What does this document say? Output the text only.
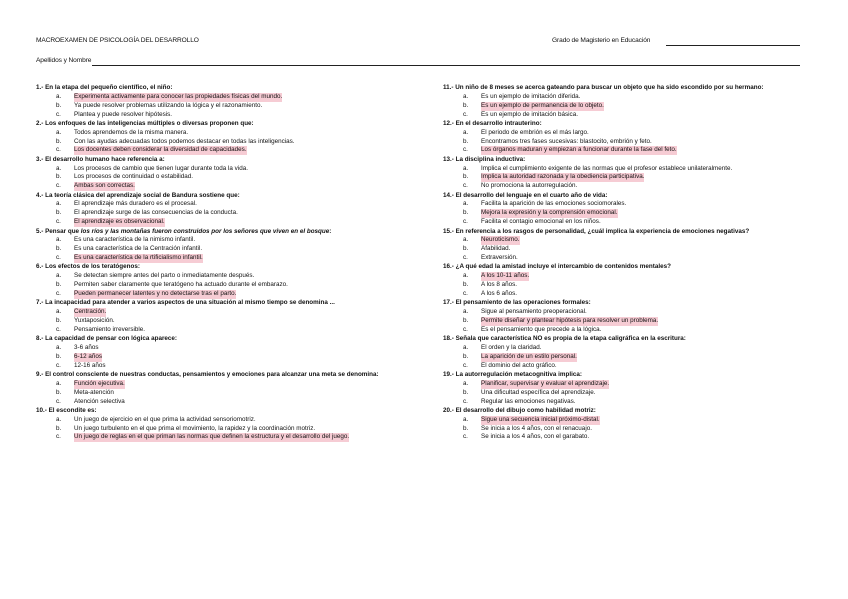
MACROEXAMEN DE PSICOLOGÍA DEL DESARROLLO	Grado de Magisterio en Educación
Apellidos y Nombre
1.- En la etapa del pequeño científico, el niño:
a.	Experimenta activamente para conocer las propiedades físicas del mundo.
b.	Ya puede resolver problemas utilizando la lógica y el razonamiento.
c.	Plantea y puede resolver hipótesis.
2.- Los enfoques de las inteligencias múltiples o diversas proponen que:
a.	Todos aprendemos de la misma manera.
b.	Con las ayudas adecuadas todos podemos destacar en todas las inteligencias.
c.	Los docentes deben considerar la diversidad de capacidades.
3.- El desarrollo humano hace referencia a:
a.	Los procesos de cambio que tienen lugar durante toda la vida.
b.	Los procesos de continuidad o estabilidad.
c.	Ambas son correctas.
4.- La teoría clásica del aprendizaje social de Bandura sostiene que:
a.	El aprendizaje más duradero es el procesal.
b.	El aprendizaje surge de las consecuencias de la conducta.
c.	El aprendizaje es observacional.
5.- Pensar que los ríos y las montañas fueron construidos por los señores que viven en el bosque:
a.	Es una característica de la nimismo infantil.
b.	Es una característica de la Centración infantil.
c.	Es una característica de la rtificialismo infantil.
6.- Los efectos de los teratógenos:
a.	Se detectan siempre antes del parto o inmediatamente después.
b.	Permiten saber claramente que teratógeno ha actuado durante el embarazo.
c.	Pueden permanecer latentes y no detectarse tras el parto.
7.- La incapacidad para atender a varios aspectos de una situación al mismo tiempo se denomina ...
a.	Centración.
b.	Yuxtaposición.
c.	Pensamiento irreversible.
8.- La capacidad de pensar con lógica aparece:
a.	3-6 años
b.	6-12 años
c.	12-16 años
9.- El control consciente de nuestras conductas, pensamientos y emociones para alcanzar una meta se denomina:
a.	Función ejecutiva.
b.	Meta-atención
c.	Atención selectiva
10.- El escondite es:
a.	Un juego de ejercicio en el que prima la actividad sensoriomotriz.
b.	Un juego turbulento en el que prima el movimiento, la rapidez y la coordinación motriz.
c.	Un juego de reglas en el que priman las normas que definen la estructura y el desarrollo del juego.
11.- Un niño de 8 meses se acerca gateando para buscar un objeto que ha sido escondido por su hermano:
a.	Es un ejemplo de imitación diferida.
b.	Es un ejemplo de permanencia de lo objeto.
c.	Es un ejemplo de imitación básica.
12.- En el desarrollo intrauterino:
a.	El periodo de embrión es el más largo.
b.	Encontramos tres fases sucesivas: blastocito, embrión y feto.
c.	Los órganos maduran y empiezan a funcionar durante la fase del feto.
13.- La disciplina inductiva:
a.	Implica el cumplimiento exigente de las normas que el profesor establece unilateralmente.
b.	Implica la autoridad razonada y la obediencia participativa.
c.	No promociona la autorregulación.
14.- El desarrollo del lenguaje en el cuarto año de vida:
a.	Facilita la aparición de las emociones sociomorales.
b.	Mejora la expresión y la comprensión emocional.
c.	Facilita el contagio emocional en los niños.
15.- En referencia a los rasgos de personalidad, ¿cuál implica la experiencia de emociones negativas?
a.	Neuroticismo.
b.	Afabilidad.
c.	Extraversión.
16.- ¿A qué edad la amistad incluye el intercambio de contenidos mentales?
a.	A los 10-11 años.
b.	A los 8 años.
c.	A los 6 años.
17.- El pensamiento de las operaciones formales:
a.	Sigue al pensamiento preoperacional.
b.	Permite diseñar y plantear hipótesis para resolver un problema.
c.	Es el pensamiento que precede a la lógica.
18.- Señala que característica NO es propia de la etapa caligráfica en la escritura:
a.	El orden y la claridad.
b.	La aparición de un estilo personal.
c.	El dominio del acto gráfico.
19.- La autorregulación metacognitiva implica:
a.	Planificar, supervisar y evaluar el aprendizaje.
b.	Una dificultad específica del aprendizaje.
c.	Regular las emociones negativas.
20.- El desarrollo del dibujo como habilidad motriz:
a.	Sigue una secuencia inicial próximo-distal.
b.	Se inicia a los 4 años, con el renacuajo.
c.	Se inicia a los 4 años, con el garabato.
